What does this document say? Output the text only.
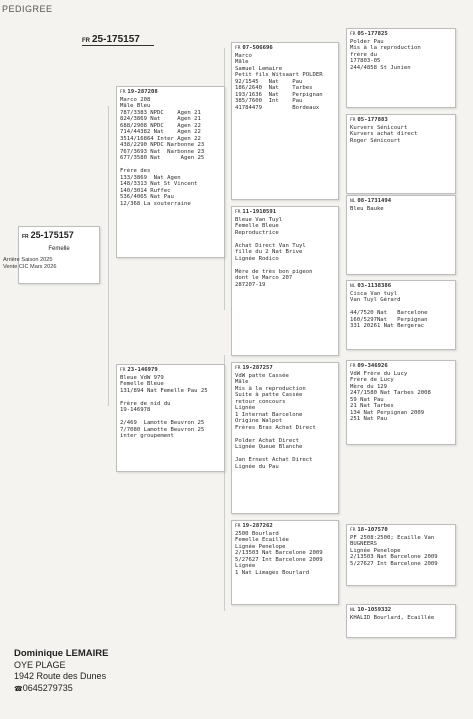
PEDIGREE
FR 25-175157
FR 25-175157
Femelle
Arrière Saison 2025
Vente CIC Mars 2026
FR 19-287208
Marco 208
Mâle Bleu
787/3383 NPDC    Agen 21
824/3869 Nat     Agen 21
688/2908 NPDC    Agen 22
714/44382 Nat    Agen 22
3514/16864 Inter Agen 22
438/2290 NPDC Narbonne 23
767/3693 Nat  Narbonne 23
677/3580 Nat      Agen 25
Frère des
133/3869  Nat Agen
148/3313 Nat St Vincent
140/3014 Ruffec
536/4065 Nat Pau
12/368 La souterraine
FR 23-146979
Bleue VdW 979
Femelle Bleue
131/894 Nat Femelle Pau 25
Frère de nid du
19-146978
2/469  Lamotte Beuvron 25
7/7080 Lamotte Beuvron 25
inter groupement
FR 07-506696
Marco
Mâle
Samuel Lemaire
Petit fils Witsaart POLDER
92/1545   Nat    Pau
186/2640  Nat    Tarbes
193/1636  Nat    Perpignan
385/7600  Int    Pau
41784479         Bordeaux
FR 11-1910591
Bleue Van Tuyl
Femelle Bleue
Reproductrice
Achat Direct Van Tuyl
fille du 2 Nat Brive
Lignée Rodico
Mère de très bon pigeon
dont le Marco 207
287207-19
FR 19-287257
VdW patte Cassée
Mâle
Mis à la reproduction
Suite à patte Cassée
retour concours
Lignée
1 Internat Barcelone
Origine Walpot
Frères Bras Achat Direct
Polder Achat Direct
Lignée Queue Blanche
Jan Ernest Achat Direct
Lignée du Pau
FR 19-287262
2500 Bourlard
Femelle Ecaillée
Lignée Penelope
2/13503 Nat Barcelone 2009
5/27627 Int Barcelone 2009
Lignée
1 Nat Limages Bourlard
FR 05-177825
Polder Pau
Mis à la reproduction
frère du
177803-05
244/4858 St Junien
FR 05-177883
Kurvers Sénicourt
Kurvers achat direct
Roger Sénicourt
NL 08-1731494
Bleu Bauke
NL 03-1138386
Cisca Van tuyl
Van Tuyl Gérard
44/7520 Nat   Barcelone
160/5297Nat   Perpignan
331 20261 Nat Bergerac
FR 09-346926
VdW Frère du Lucy
Frère de Lucy
Mère du 129
247/1580 Nat Tarbes 2008
59 Nat Pau
21 Nat Tarbes
134 Nat Perpignan 2009
251 Nat Pau
FR 18-107570
PF 2508:2500; Ecaille Van
BUGNEERS
Lignée Penelope
2/13503 Nat Barcelone 2009
5/27627 Int Barcelone 2009
NL 10-1059332
KHALID Bourlard, Ecaillée
Dominique LEMAIRE
OYE PLAGE
1942 Route des Dunes
☎0645279735
